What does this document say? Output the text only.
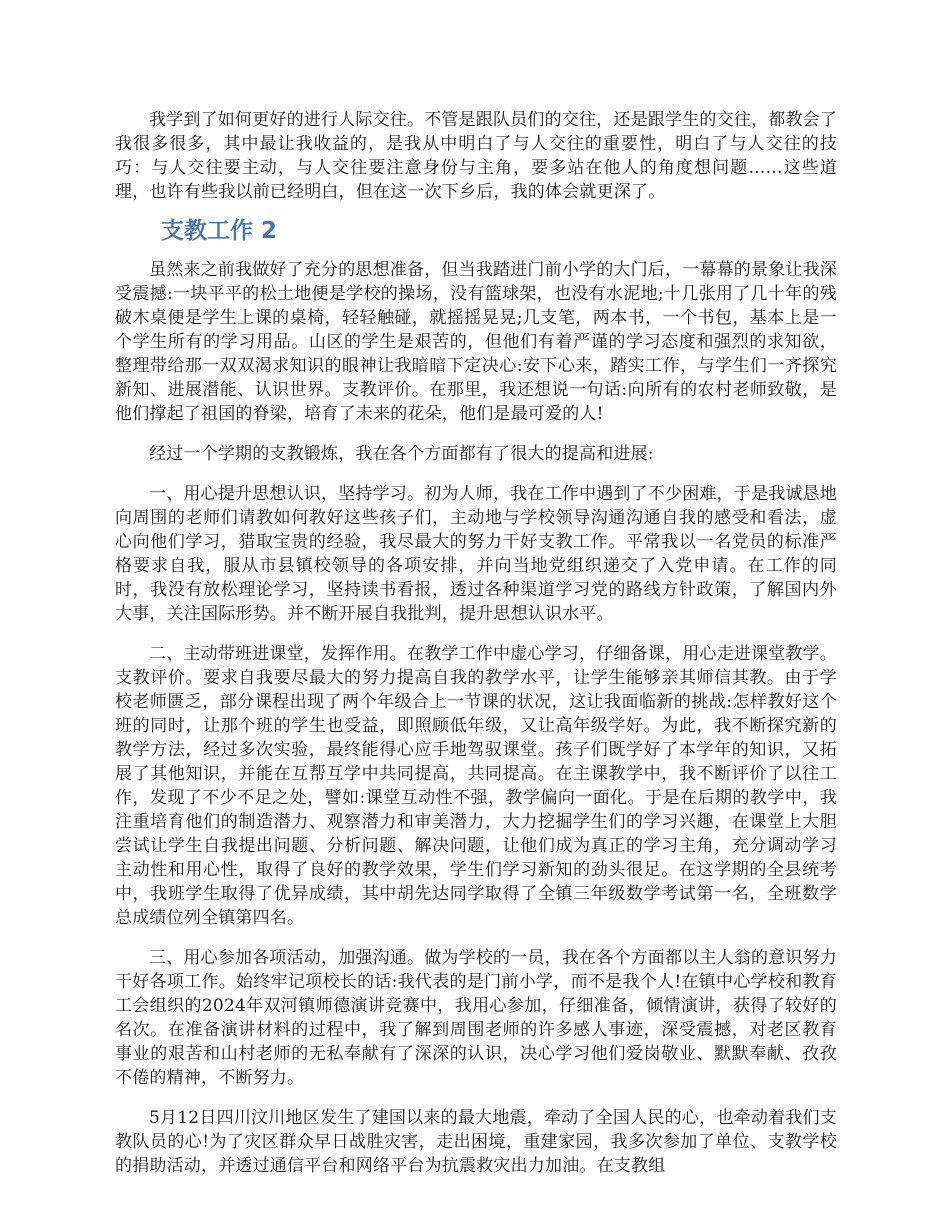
我学到了如何更好的进行人际交往。不管是跟队员们的交往，还是跟学生的交往，都教会了我很多很多，其中最让我收益的，是我从中明白了与人交往的重要性，明白了与人交往的技巧：与人交往要主动，与人交往要注意身份与主角，要多站在他人的角度想问题……这些道理，也许有些我以前已经明白，但在这一次下乡后，我的体会就更深了。

支教工作 2

虽然来之前我做好了充分的思想准备，但当我踏进门前小学的大门后，一幕幕的景象让我深受震撼:一块平平的松土地便是学校的操场，没有篮球架，也没有水泥地;十几张用了几十年的残破木桌便是学生上课的桌椅，轻轻触碰，就摇摇晃晃;几支笔，两本书，一个书包，基本上是一个学生所有的学习用品。山区的学生是艰苦的，但他们有着严谨的学习态度和强烈的求知欲，整理带给那一双双渴求知识的眼神让我暗暗下定决心:安下心来，踏实工作，与学生们一齐探究新知、进展潜能、认识世界。支教评价。在那里，我还想说一句话:向所有的农村老师致敬，是他们撑起了祖国的脊梁，培育了未来的花朵，他们是最可爱的人!

经过一个学期的支教锻炼，我在各个方面都有了很大的提高和进展:

一、用心提升思想认识，坚持学习。初为人师，我在工作中遇到了不少困难，于是我诚恳地向周围的老师们请教如何教好这些孩子们，主动地与学校领导沟通沟通自我的感受和看法，虚心向他们学习，猎取宝贵的经验，我尽最大的努力干好支教工作。平常我以一名党员的标准严格要求自我，服从市县镇校领导的各项安排，并向当地党组织递交了入党申请。在工作的同时，我没有放松理论学习，坚持读书看报，透过各种渠道学习党的路线方针政策，了解国内外大事，关注国际形势。并不断开展自我批判，提升思想认识水平。

二、主动带班进课堂，发挥作用。在教学工作中虚心学习，仔细备课，用心走进课堂教学。支教评价。要求自我要尽最大的努力提高自我的教学水平，让学生能够亲其师信其教。由于学校老师匮乏，部分课程出现了两个年级合上一节课的状况，这让我面临新的挑战:怎样教好这个班的同时，让那个班的学生也受益，即照顾低年级，又让高年级学好。为此，我不断探究新的教学方法，经过多次实验，最终能得心应手地驾驭课堂。孩子们既学好了本学年的知识，又拓展了其他知识，并能在互帮互学中共同提高，共同提高。在主课教学中，我不断评价了以往工作，发现了不少不足之处，譬如:课堂互动性不强，教学偏向一面化。于是在后期的教学中，我注重培育他们的制造潜力、观察潜力和审美潜力，大力挖掘学生们的学习兴趣，在课堂上大胆尝试让学生自我提出问题、分析问题、解决问题，让他们成为真正的学习主角，充分调动学习主动性和用心性，取得了良好的教学效果，学生们学习新知的劲头很足。在这学期的全县统考中，我班学生取得了优异成绩，其中胡先达同学取得了全镇三年级数学考试第一名，全班数学总成绩位列全镇第四名。

三、用心参加各项活动，加强沟通。做为学校的一员，我在各个方面都以主人翁的意识努力干好各项工作。始终牢记项校长的话:我代表的是门前小学，而不是我个人!在镇中心学校和教育工会组织的2024年双河镇师德演讲竞赛中，我用心参加，仔细准备，倾情演讲，获得了较好的名次。在准备演讲材料的过程中，我了解到周围老师的许多感人事迹，深受震撼，对老区教育事业的艰苦和山村老师的无私奉献有了深深的认识，决心学习他们爱岗敬业、默默奉献、孜孜不倦的精神，不断努力。

5月12日四川汶川地区发生了建国以来的最大地震，牵动了全国人民的心，也牵动着我们支教队员的心!为了灾区群众早日战胜灾害，走出困境，重建家园，我多次参加了单位、支教学校的捐助活动，并透过通信平台和网络平台为抗震救灾出力加油。在支教组
